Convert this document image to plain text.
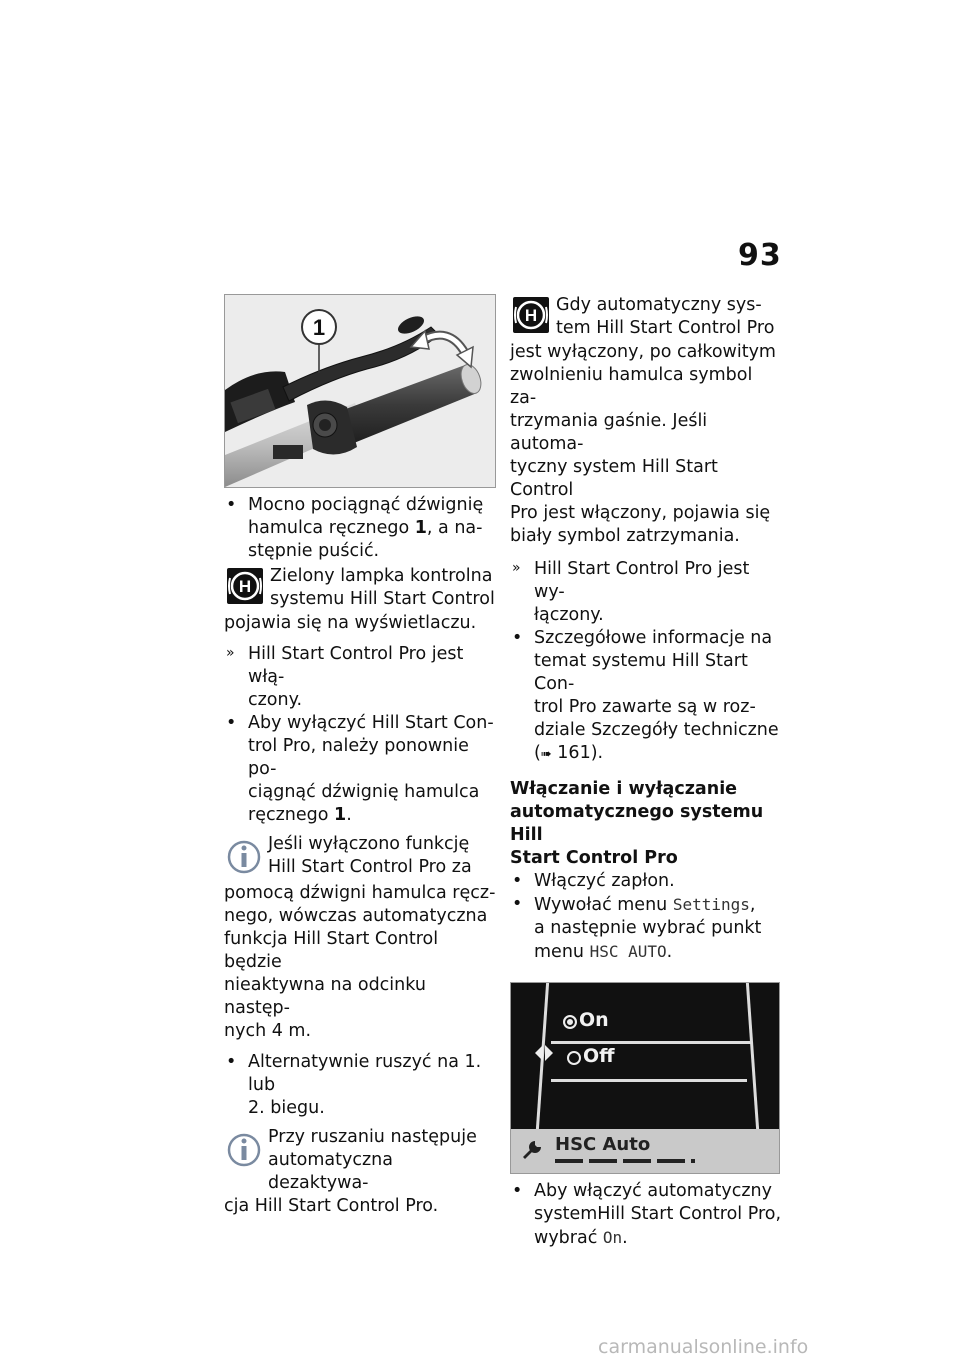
93
1
• Mocno pociągnąć dźwignię

hamulca ręcznego 1, a na-

stępnie puścić.

H

Zielony lampka kontrolna

systemu Hill Start Control

pojawia się na wyświetlaczu.

» Hill Start Control Pro jest włą-

czony.

• Aby wyłączyć Hill Start Con-

trol Pro, należy ponownie po-

ciągnąć dźwignię hamulca

ręcznego 1.

Jeśli wyłączono funkcję

Hill Start Control Pro za

pomocą dźwigni hamulca ręcz-

nego, wówczas automatyczna

funkcja Hill Start Control będzie

nieaktywna na odcinku następ-

nych 4 m.

• Alternatywnie ruszyć na 1. lub

2. biegu.

Przy ruszaniu następuje

automatyczna dezaktywa-

cja Hill Start Control Pro.

H

Gdy automatyczny sys-

tem Hill Start Control Pro

jest wyłączony, po całkowitym

zwolnieniu hamulca symbol za-

trzymania gaśnie. Jeśli automa-

tyczny system Hill Start Control

Pro jest włączony, pojawia się

biały symbol zatrzymania.

» Hill Start Control Pro jest wy-

łączony.

• Szczegółowe informacje na

temat systemu Hill Start Con-

trol Pro zawarte są w roz-

dziale Szczegóły techniczne

(➠ 161).

Włączanie i wyłączanie
automatycznego systemu Hill
Start Control Pro
• Włączyć zapłon.

• Wywołać menu Settings,

a następnie wybrać punkt

menu HSC AUTO.

On
Off
HSC Auto
• Aby włączyć automatyczny

systemHill Start Control Pro,

wybrać On.

carmanualsonline.info
